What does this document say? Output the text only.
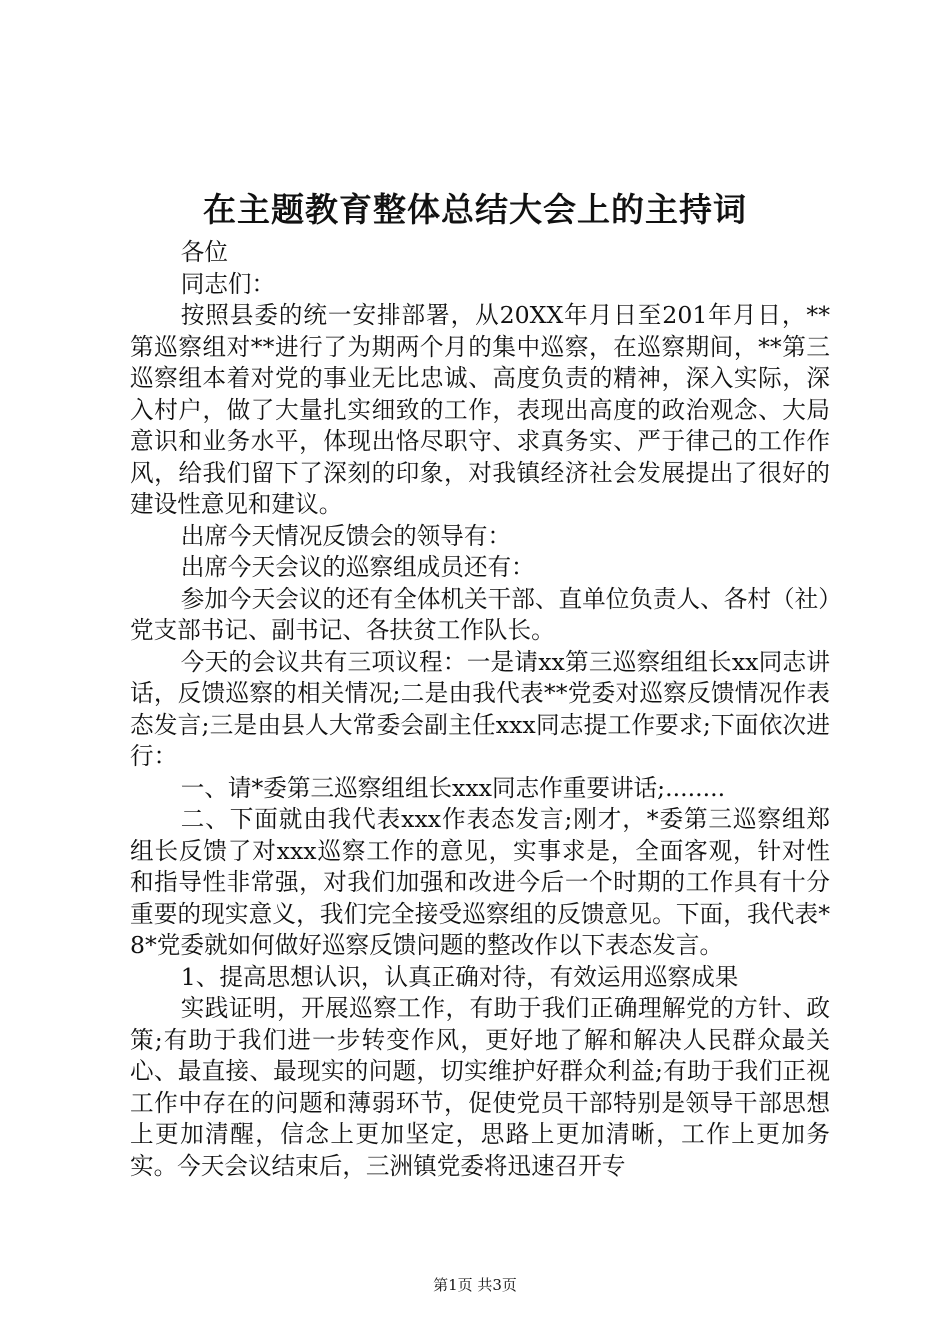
在主题教育整体总结大会上的主持词

各位

同志们：

按照县委的统一安排部署，从20XX年月日至201年月日，**第巡察组对**进行了为期两个月的集中巡察，在巡察期间，**第三巡察组本着对党的事业无比忠诚、高度负责的精神，深入实际，深入村户，做了大量扎实细致的工作，表现出高度的政治观念、大局意识和业务水平，体现出恪尽职守、求真务实、严于律己的工作作风，给我们留下了深刻的印象，对我镇经济社会发展提出了很好的建设性意见和建议。

出席今天情况反馈会的领导有：

出席今天会议的巡察组成员还有：

参加今天会议的还有全体机关干部、直单位负责人、各村（社）党支部书记、副书记、各扶贫工作队长。

今天的会议共有三项议程：一是请xx第三巡察组组长xx同志讲话，反馈巡察的相关情况;二是由我代表**党委对巡察反馈情况作表态发言;三是由县人大常委会副主任xxx同志提工作要求;下面依次进行：

一、请*委第三巡察组组长xxx同志作重要讲话;........

二、下面就由我代表xxx作表态发言;刚才，*委第三巡察组郑组长反馈了对xxx巡察工作的意见，实事求是，全面客观，针对性和指导性非常强，对我们加强和改进今后一个时期的工作具有十分重要的现实意义，我们完全接受巡察组的反馈意见。下面，我代表*8*党委就如何做好巡察反馈问题的整改作以下表态发言。

1、提高思想认识，认真正确对待，有效运用巡察成果

实践证明，开展巡察工作，有助于我们正确理解党的方针、政策;有助于我们进一步转变作风，更好地了解和解决人民群众最关心、最直接、最现实的问题，切实维护好群众利益;有助于我们正视工作中存在的问题和薄弱环节，促使党员干部特别是领导干部思想上更加清醒，信念上更加坚定，思路上更加清晰，工作上更加务实。今天会议结束后，三洲镇党委将迅速召开专

第1页 共3页
